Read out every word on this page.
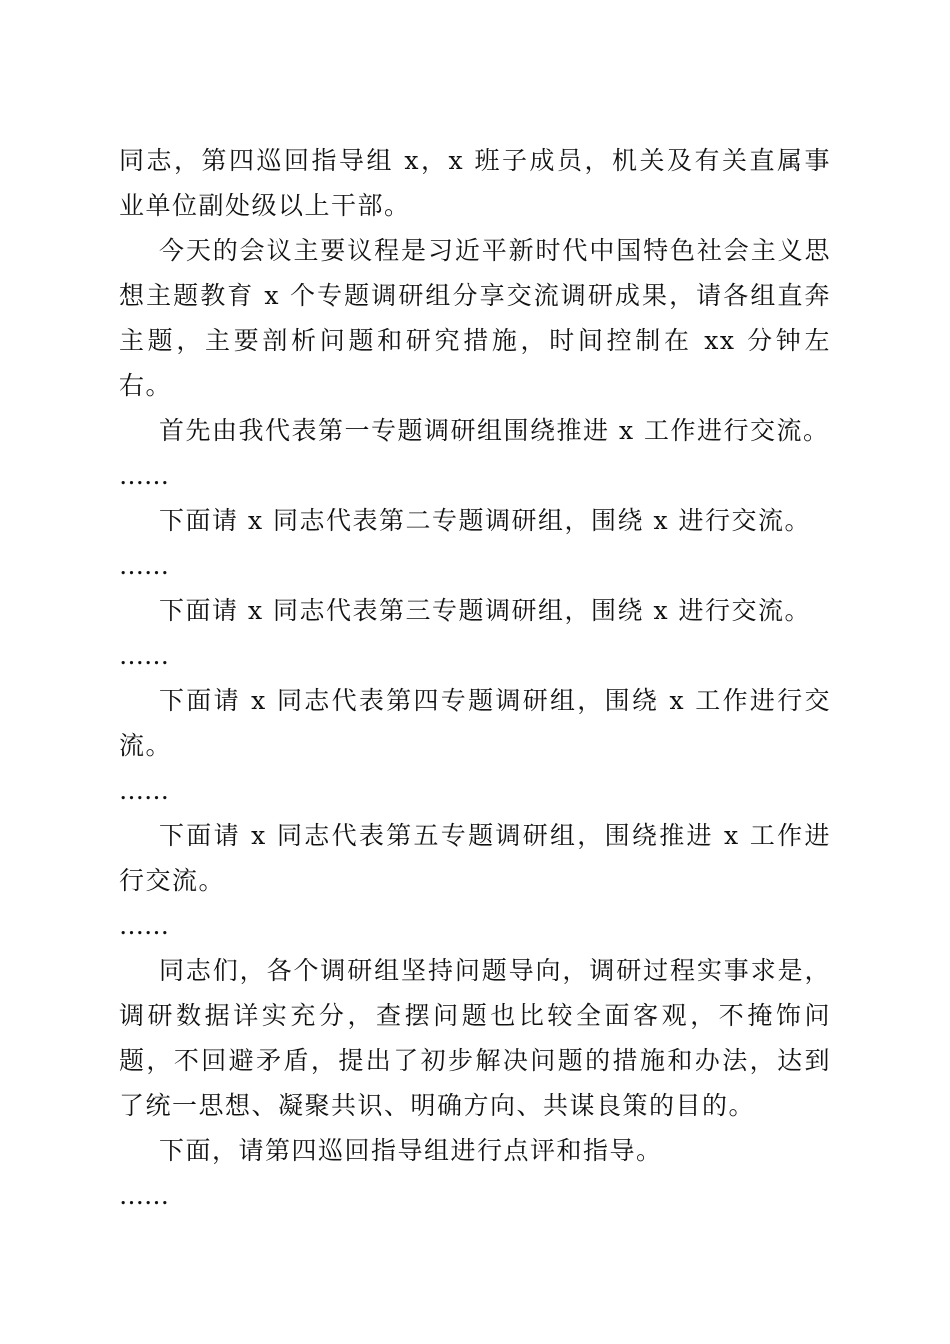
同志，第四巡回指导组 x，x 班子成员，机关及有关直属事业单位副处级以上干部。

今天的会议主要议程是习近平新时代中国特色社会主义思想主题教育 x 个专题调研组分享交流调研成果，请各组直奔主题，主要剖析问题和研究措施，时间控制在 xx 分钟左右。

首先由我代表第一专题调研组围绕推进 x 工作进行交流。

……

下面请 x 同志代表第二专题调研组，围绕 x 进行交流。

……

下面请 x 同志代表第三专题调研组，围绕 x 进行交流。

……

下面请 x 同志代表第四专题调研组，围绕 x 工作进行交流。

……

下面请 x 同志代表第五专题调研组，围绕推进 x 工作进行交流。

……

同志们，各个调研组坚持问题导向，调研过程实事求是，调研数据详实充分，查摆问题也比较全面客观，不掩饰问题，不回避矛盾，提出了初步解决问题的措施和办法，达到了统一思想、凝聚共识、明确方向、共谋良策的目的。

下面，请第四巡回指导组进行点评和指导。

……
